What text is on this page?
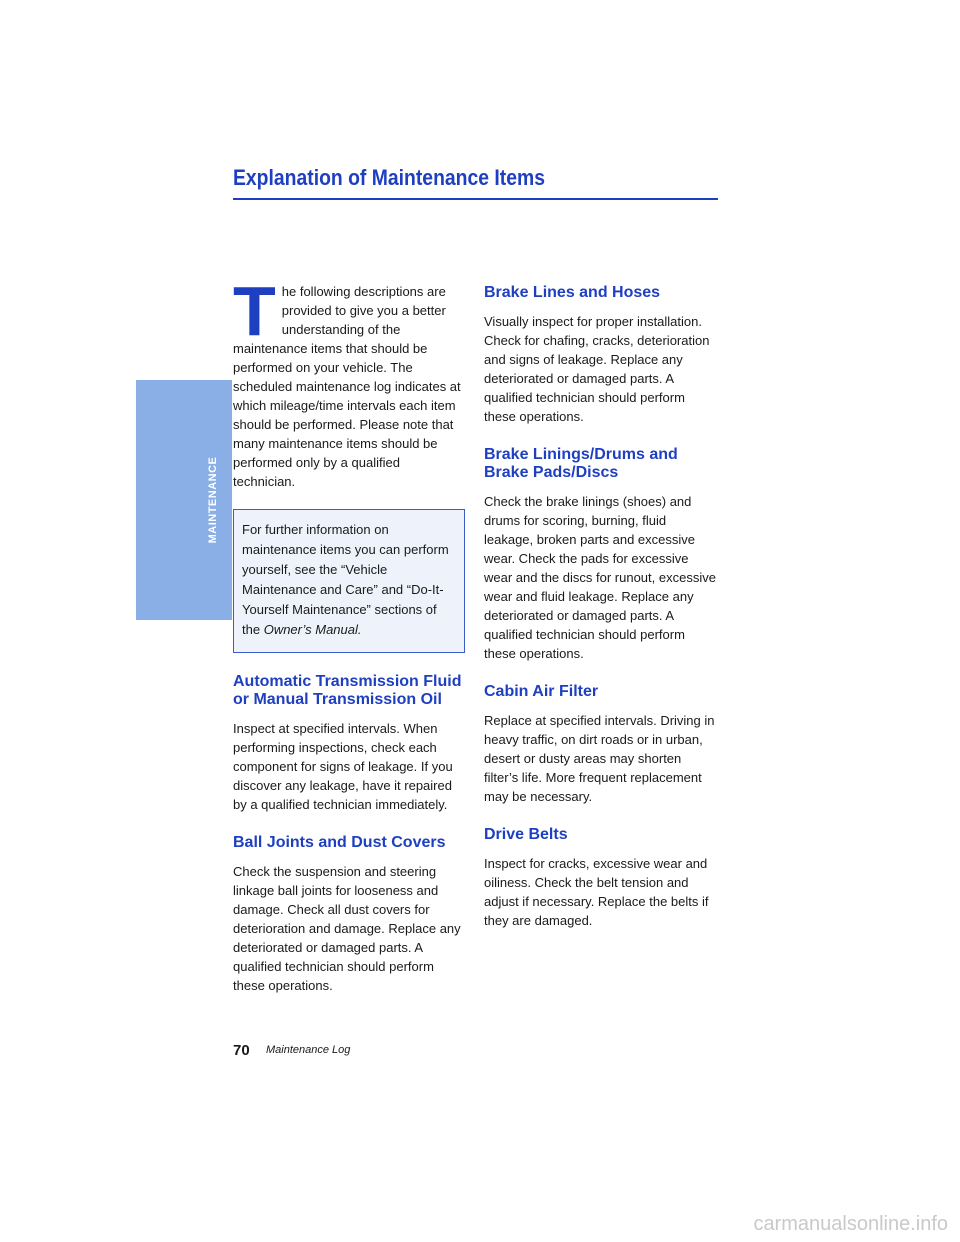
MAINTENANCE
Explanation of Maintenance Items

The following descriptions are provided to give you a better understanding of the maintenance items that should be performed on your vehicle. The scheduled maintenance log indicates at which mileage/time intervals each item should be performed. Please note that many maintenance items should be performed only by a qualified technician.

For further information on maintenance items you can perform yourself, see the “Vehicle Maintenance and Care” and “Do-It-Yourself Maintenance” sections of the Owner’s Manual.
Automatic Transmission Fluid or Manual Transmission Oil

Inspect at specified intervals. When performing inspections, check each component for signs of leakage. If you discover any leakage, have it repaired by a qualified technician immediately.

Ball Joints and Dust Covers

Check the suspension and steering linkage ball joints for looseness and damage. Check all dust covers for deterioration and damage. Replace any deteriorated or damaged parts. A qualified technician should perform these operations.

Brake Lines and Hoses

Visually inspect for proper installation. Check for chafing, cracks, deterioration and signs of leakage. Replace any deteriorated or damaged parts. A qualified technician should perform these operations.

Brake Linings/Drums and Brake Pads/Discs

Check the brake linings (shoes) and drums for scoring, burning, fluid leakage, broken parts and excessive wear. Check the pads for excessive wear and the discs for runout, excessive wear and fluid leakage. Replace any deteriorated or damaged parts. A qualified technician should perform these operations.

Cabin Air Filter

Replace at specified intervals. Driving in heavy traffic, on dirt roads or in urban, desert or dusty areas may shorten filter’s life. More frequent replacement may be necessary.

Drive Belts

Inspect for cracks, excessive wear and oiliness. Check the belt tension and adjust if necessary. Replace the belts if they are damaged.

70 Maintenance Log
carmanualsonline.info
